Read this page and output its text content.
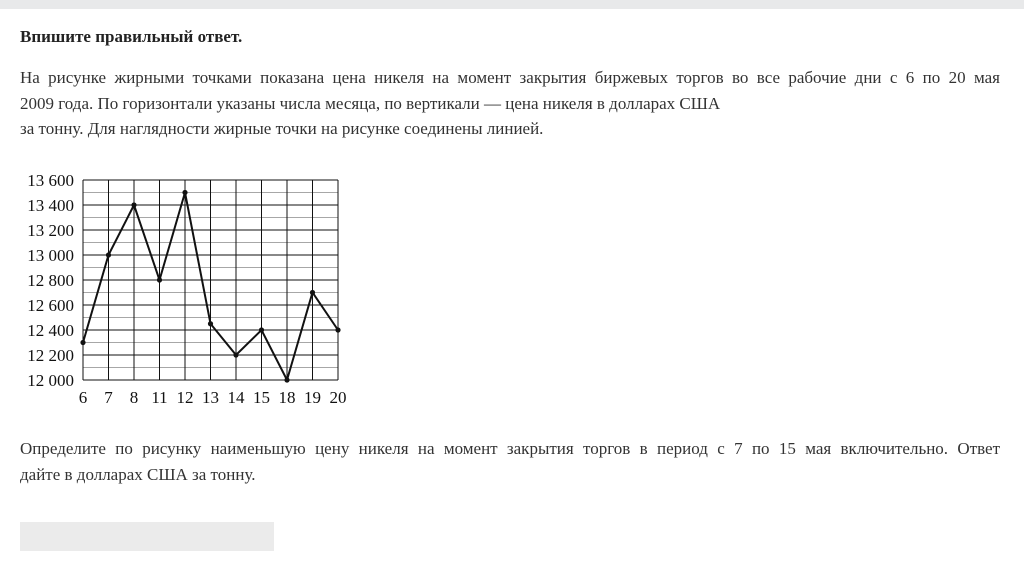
Впишите правильный ответ.
На рисунке жирными точками показана цена никеля на момент закрытия биржевых торгов во все рабочие дни с 6 по 20 мая
2009 года. По горизонтали указаны числа месяца, по вертикали — цена никеля в долларах США
за тонну. Для наглядности жирные точки на рисунке соединены линией.
12 000
12 200
12 400
12 600
12 800
13 000
13 200
13 400
13 600
6 7 8 11 12 13 14 15 18 19 20
Определите по рисунку наименьшую цену никеля на момент закрытия торгов в период с 7 по 15 мая включительно. Ответ
дайте в долларах США за тонну.
